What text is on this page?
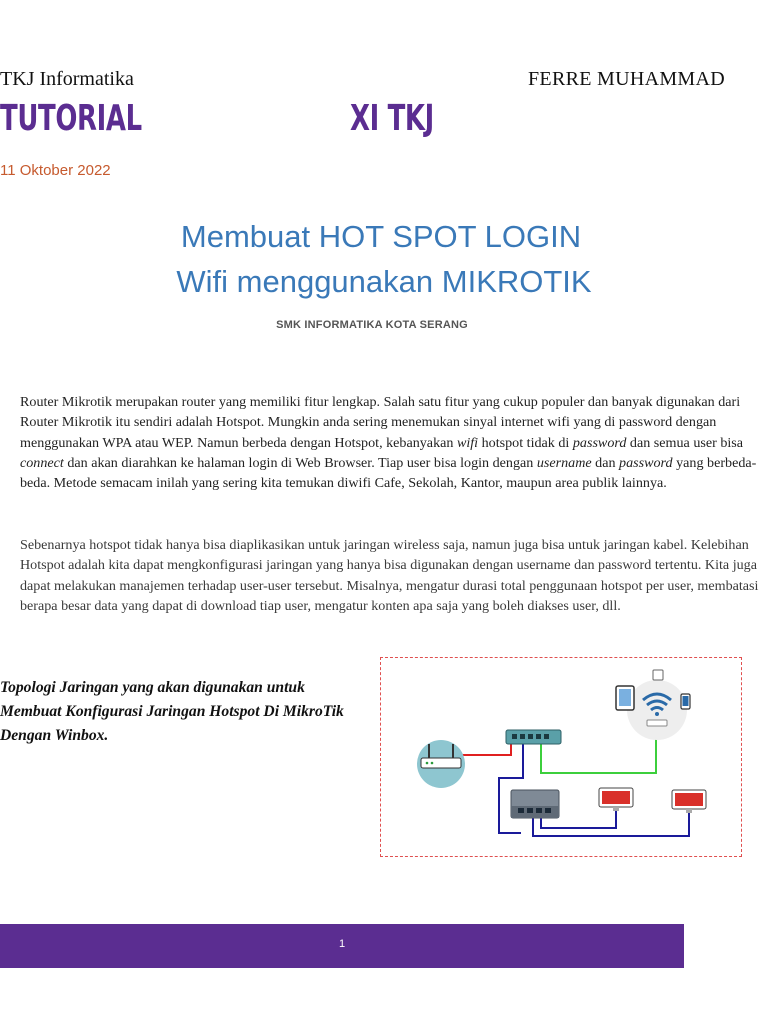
TKJ Informatika	FERRE MUHAMMAD
TUTORIAL	XI TKJ
11 Oktober 2022
Membuat HOT SPOT LOGIN
Wifi menggunakan MIKROTIK
SMK INFORMATIKA KOTA SERANG

Router Mikrotik merupakan router yang memiliki fitur lengkap. Salah satu fitur yang cukup populer dan banyak digunakan dari Router Mikrotik itu sendiri adalah Hotspot. Mungkin anda sering menemukan sinyal internet wifi yang di password dengan menggunakan WPA atau WEP. Namun berbeda dengan Hotspot, kebanyakan wifi hotspot tidak di password dan semua user bisa connect dan akan diarahkan ke halaman login di Web Browser. Tiap user bisa login dengan username dan password yang berbeda-beda. Metode semacam inilah yang sering kita temukan diwifi Cafe, Sekolah, Kantor, maupun area publik lainnya.

Sebenarnya hotspot tidak hanya bisa diaplikasikan untuk jaringan wireless saja, namun juga bisa untuk jaringan kabel. Kelebihan Hotspot adalah kita dapat mengkonfigurasi jaringan yang hanya bisa digunakan dengan username dan password tertentu. Kita juga dapat melakukan manajemen terhadap user-user tersebut. Misalnya, mengatur durasi total penggunaan hotspot per user, membatasi berapa besar data yang dapat di download tiap user, mengatur konten apa saja yang boleh diakses user, dll.

Topologi Jaringan yang akan digunakan untuk Membuat Konfigurasi Jaringan Hotspot Di MikroTik Dengan Winbox.
1
